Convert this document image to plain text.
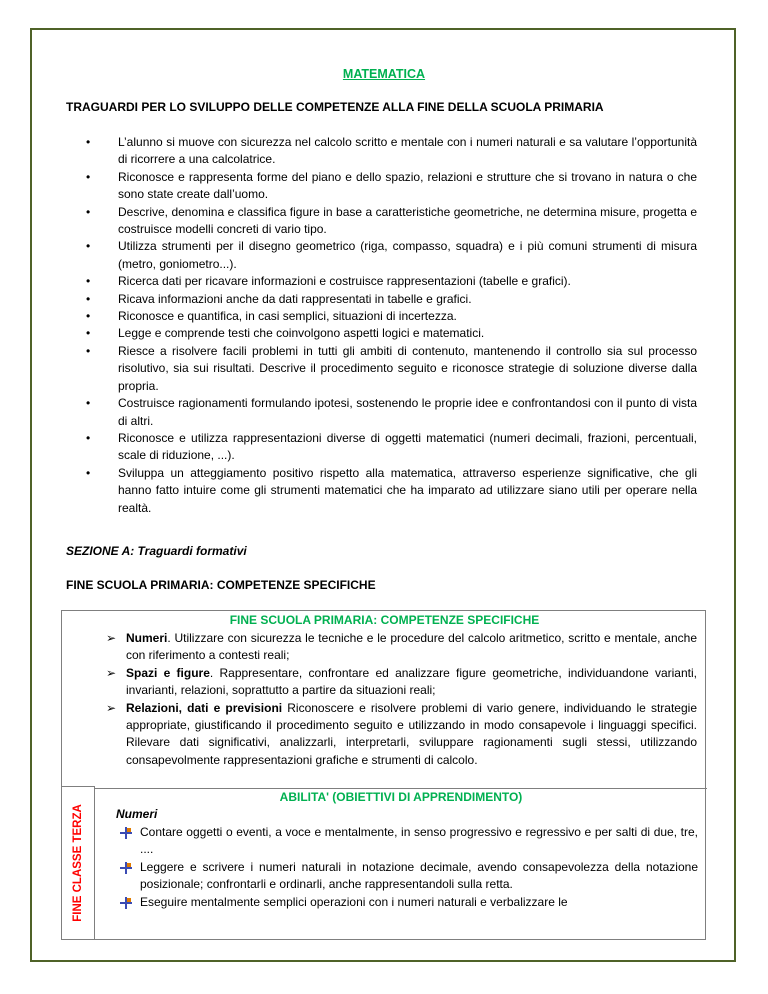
MATEMATICA
TRAGUARDI PER LO SVILUPPO DELLE COMPETENZE ALLA FINE DELLA SCUOLA PRIMARIA
• L’alunno si muove con sicurezza nel calcolo scritto e mentale con i numeri naturali e sa valutare l’opportunità di ricorrere a una calcolatrice.
• Riconosce e rappresenta forme del piano e dello spazio, relazioni e strutture che si trovano in natura o che sono state create dall’uomo.
• Descrive, denomina e classifica figure in base a caratteristiche geometriche, ne determina misure, progetta e costruisce modelli concreti di vario tipo.
• Utilizza strumenti per il disegno geometrico (riga, compasso, squadra) e i più comuni strumenti di misura (metro, goniometro...).
• Ricerca dati per ricavare informazioni e costruisce rappresentazioni (tabelle e grafici).
• Ricava informazioni anche da dati rappresentati in tabelle e grafici.
• Riconosce e quantifica, in casi semplici, situazioni di incertezza.
• Legge e comprende testi che coinvolgono aspetti logici e matematici.
• Riesce a risolvere facili problemi in tutti gli ambiti di contenuto, mantenendo il controllo sia sul processo risolutivo, sia sui risultati. Descrive il procedimento seguito e riconosce strategie di soluzione diverse dalla propria.
• Costruisce ragionamenti formulando ipotesi, sostenendo le proprie idee e confrontandosi con il punto di vista di altri.
• Riconosce e utilizza rappresentazioni diverse di oggetti matematici (numeri decimali, frazioni, percentuali, scale di riduzione, ...).
• Sviluppa un atteggiamento positivo rispetto alla matematica, attraverso esperienze significative, che gli hanno fatto intuire come gli strumenti matematici che ha imparato ad utilizzare siano utili per operare nella realtà.
SEZIONE A: Traguardi formativi
FINE SCUOLA PRIMARIA: COMPETENZE SPECIFICHE
FINE SCUOLA PRIMARIA: COMPETENZE SPECIFICHE
➢ Numeri. Utilizzare con sicurezza le tecniche e le procedure del calcolo aritmetico, scritto e mentale, anche con riferimento a contesti reali;
➢ Spazi e figure. Rappresentare, confrontare ed analizzare figure geometriche, individuandone varianti, invarianti, relazioni, soprattutto a partire da situazioni reali;
➢ Relazioni, dati e previsioni Riconoscere e risolvere problemi di vario genere, individuando le strategie appropriate, giustificando il procedimento seguito e utilizzando in modo consapevole i linguaggi specifici. Rilevare dati significativi, analizzarli, interpretarli, sviluppare ragionamenti sugli stessi, utilizzando consapevolmente rappresentazioni grafiche e strumenti di calcolo.
FINE CLASSE TERZA
ABILITA' (OBIETTIVI DI APPRENDIMENTO)
Numeri
Contare oggetti o eventi, a voce e mentalmente, in senso progressivo e regressivo e per salti di due, tre, ....
Leggere e scrivere i numeri naturali in notazione decimale, avendo consapevolezza della notazione posizionale; confrontarli e ordinarli, anche rappresentandoli sulla retta.
Eseguire mentalmente semplici operazioni con i numeri naturali e verbalizzare le
